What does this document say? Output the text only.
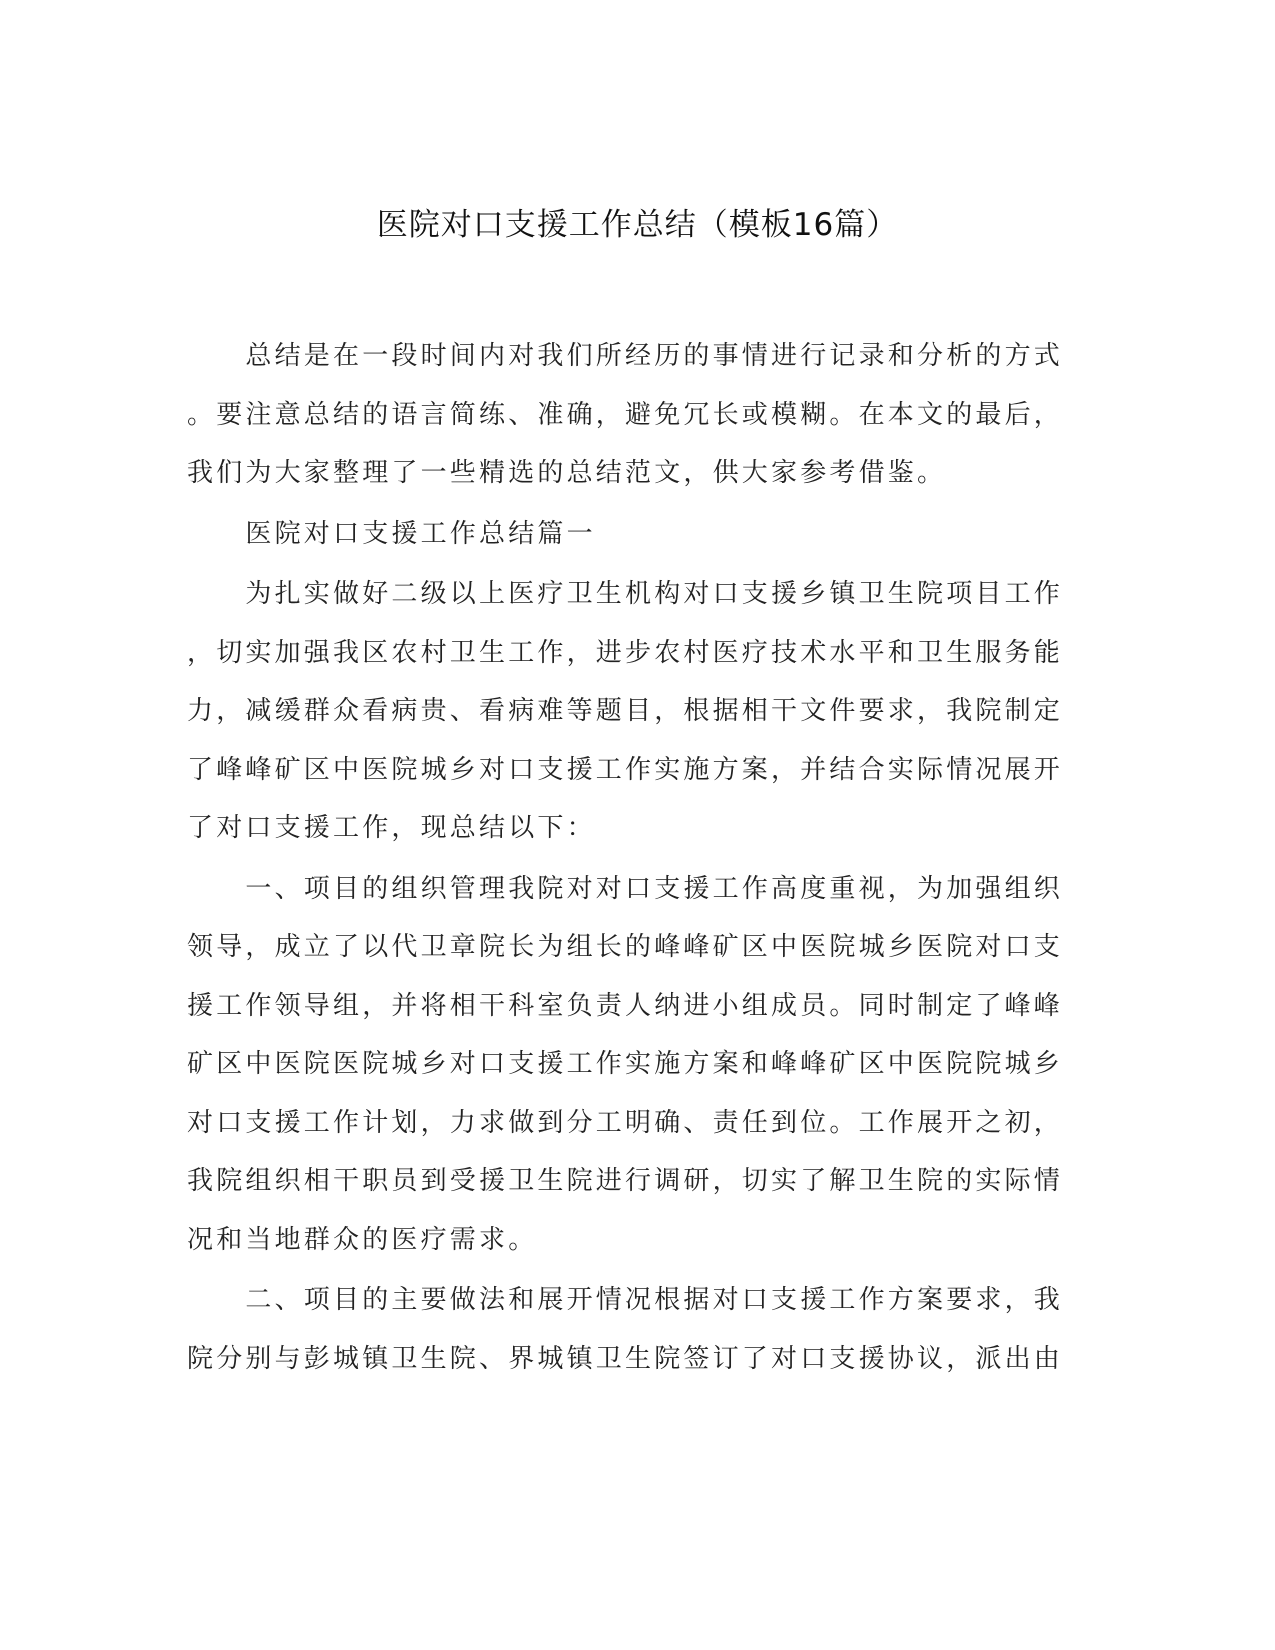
医院对口支援工作总结（模板16篇）
　　总结是在一段时间内对我们所经历的事情进行记录和分析的方式
。要注意总结的语言简练、准确，避免冗长或模糊。在本文的最后，
我们为大家整理了一些精选的总结范文，供大家参考借鉴。
　　医院对口支援工作总结篇一
　　为扎实做好二级以上医疗卫生机构对口支援乡镇卫生院项目工作
，切实加强我区农村卫生工作，进步农村医疗技术水平和卫生服务能
力，减缓群众看病贵、看病难等题目，根据相干文件要求，我院制定
了峰峰矿区中医院城乡对口支援工作实施方案，并结合实际情况展开
了对口支援工作，现总结以下：
　　一、项目的组织管理我院对对口支援工作高度重视，为加强组织
领导，成立了以代卫章院长为组长的峰峰矿区中医院城乡医院对口支
援工作领导组，并将相干科室负责人纳进小组成员。同时制定了峰峰
矿区中医院医院城乡对口支援工作实施方案和峰峰矿区中医院院城乡
对口支援工作计划，力求做到分工明确、责任到位。工作展开之初，
我院组织相干职员到受援卫生院进行调研，切实了解卫生院的实际情
况和当地群众的医疗需求。
　　二、项目的主要做法和展开情况根据对口支援工作方案要求，我
院分别与彭城镇卫生院、界城镇卫生院签订了对口支援协议，派出由
